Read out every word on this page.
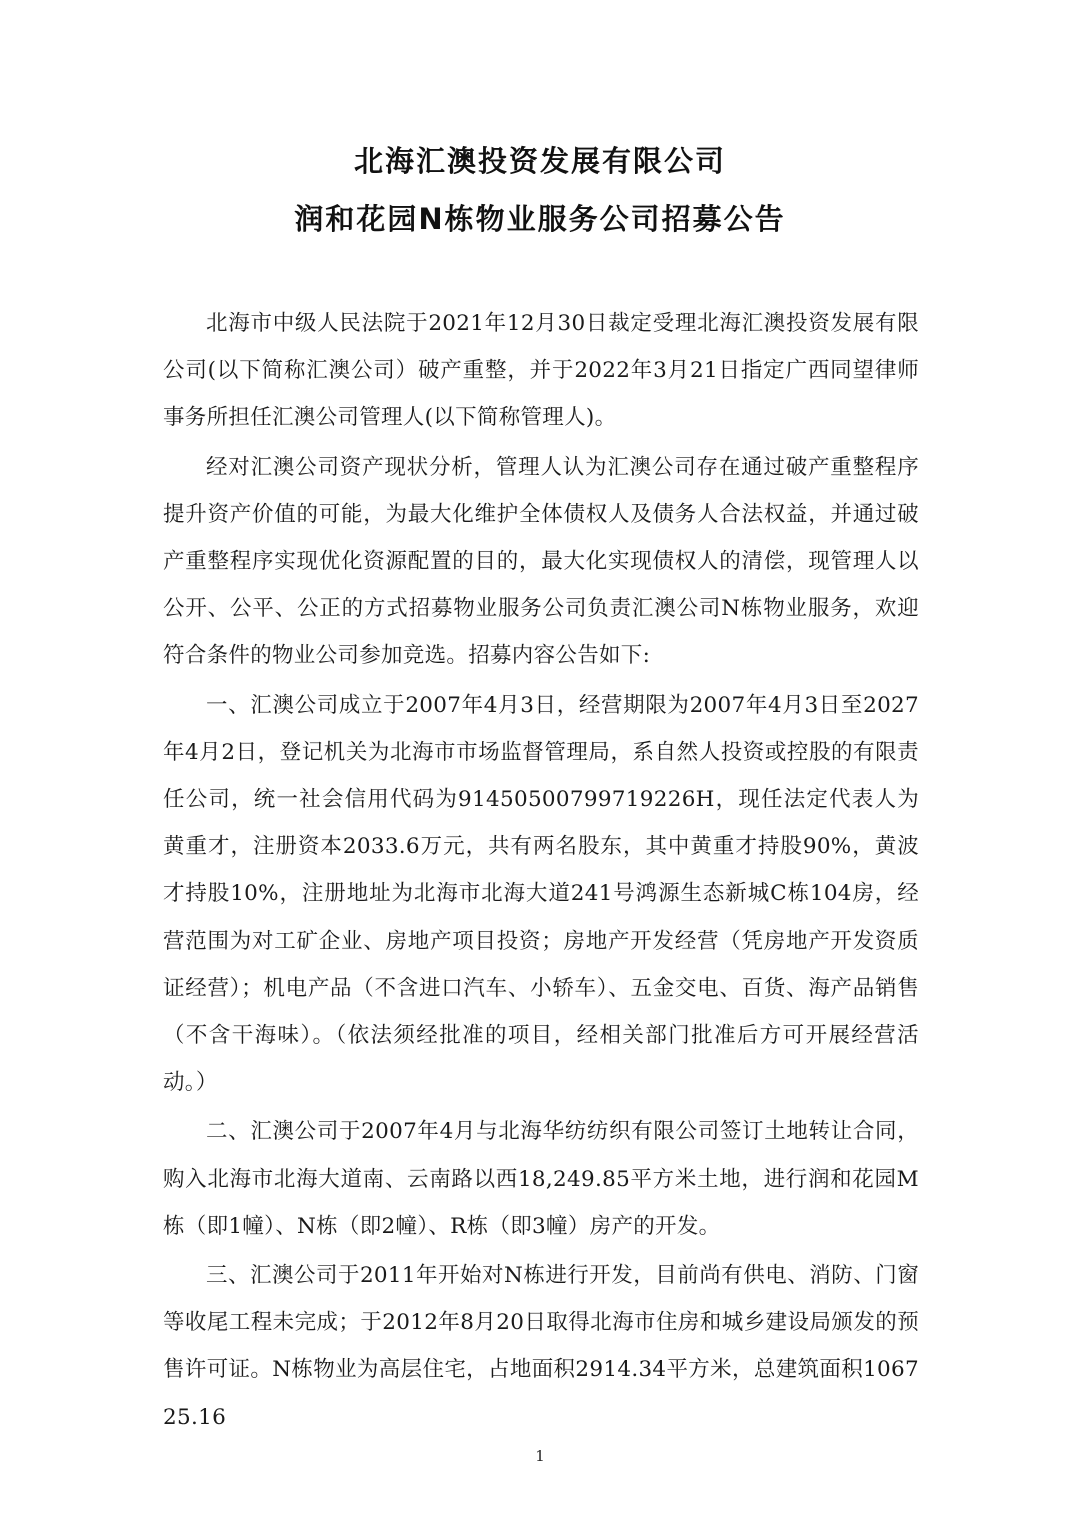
北海汇澳投资发展有限公司
润和花园N栋物业服务公司招募公告

北海市中级人民法院于2021年12月30日裁定受理北海汇澳投资发展有限公司(以下简称汇澳公司）破产重整，并于2022年3月21日指定广西同望律师事务所担任汇澳公司管理人(以下简称管理人)。

经对汇澳公司资产现状分析，管理人认为汇澳公司存在通过破产重整程序提升资产价值的可能，为最大化维护全体债权人及债务人合法权益，并通过破产重整程序实现优化资源配置的目的，最大化实现债权人的清偿，现管理人以公开、公平、公正的方式招募物业服务公司负责汇澳公司N栋物业服务，欢迎符合条件的物业公司参加竞选。招募内容公告如下:

一、汇澳公司成立于2007年4月3日，经营期限为2007年4月3日至2027年4月2日，登记机关为北海市市场监督管理局，系自然人投资或控股的有限责任公司，统一社会信用代码为91450500799719226H，现任法定代表人为黄重才，注册资本2033.6万元，共有两名股东，其中黄重才持股90%，黄波才持股10%，注册地址为北海市北海大道241号鸿源生态新城C栋104房，经营范围为对工矿企业、房地产项目投资；房地产开发经营（凭房地产开发资质证经营）；机电产品（不含进口汽车、小轿车）、五金交电、百货、海产品销售（不含干海味）。（依法须经批准的项目，经相关部门批准后方可开展经营活动。）

二、汇澳公司于2007年4月与北海华纺纺织有限公司签订土地转让合同，购入北海市北海大道南、云南路以西18,249.85平方米土地，进行润和花园M栋（即1幢）、N栋（即2幢）、R栋（即3幢）房产的开发。

三、汇澳公司于2011年开始对N栋进行开发，目前尚有供电、消防、门窗等收尾工程未完成；于2012年8月20日取得北海市住房和城乡建设局颁发的预售许可证。N栋物业为高层住宅，占地面积2914.34平方米，总建筑面积106725.16

1
